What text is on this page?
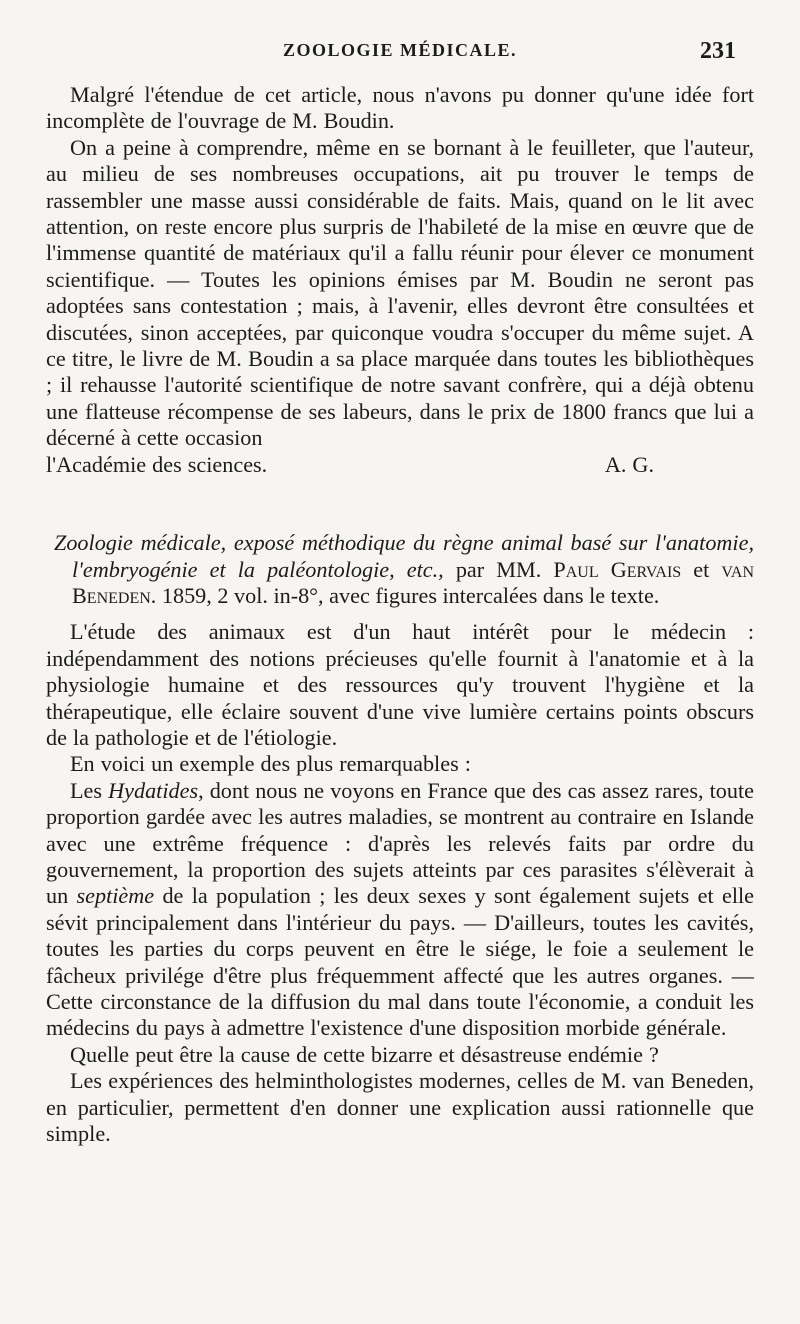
ZOOLOGIE MÉDICALE.	231

Malgré l'étendue de cet article, nous n'avons pu donner qu'une idée fort incomplète de l'ouvrage de M. Boudin.

On a peine à comprendre, même en se bornant à le feuilleter, que l'auteur, au milieu de ses nombreuses occupations, ait pu trouver le temps de rassembler une masse aussi considérable de faits. Mais, quand on le lit avec attention, on reste encore plus surpris de l'habileté de la mise en œuvre que de l'immense quantité de matériaux qu'il a fallu réunir pour élever ce monument scientifique. — Toutes les opinions émises par M. Boudin ne seront pas adoptées sans contestation ; mais, à l'avenir, elles devront être consultées et discutées, sinon acceptées, par quiconque voudra s'occuper du même sujet. A ce titre, le livre de M. Boudin a sa place marquée dans toutes les bibliothèques ; il rehausse l'autorité scientifique de notre savant confrère, qui a déjà obtenu une flatteuse récompense de ses labeurs, dans le prix de 1800 francs que lui a décerné à cette occasion

l'Académie des sciences.	A. G.

Zoologie médicale, exposé méthodique du règne animal basé sur l'anatomie, l'embryogénie et la paléontologie, etc., par MM. Paul Gervais et van Beneden. 1859, 2 vol. in-8°, avec figures intercalées dans le texte.

L'étude des animaux est d'un haut intérêt pour le médecin : indépendamment des notions précieuses qu'elle fournit à l'anatomie et à la physiologie humaine et des ressources qu'y trouvent l'hygiène et la thérapeutique, elle éclaire souvent d'une vive lumière certains points obscurs de la pathologie et de l'étiologie.

En voici un exemple des plus remarquables :

Les Hydatides, dont nous ne voyons en France que des cas assez rares, toute proportion gardée avec les autres maladies, se montrent au contraire en Islande avec une extrême fréquence : d'après les relevés faits par ordre du gouvernement, la proportion des sujets atteints par ces parasites s'élèverait à un septième de la population ; les deux sexes y sont également sujets et elle sévit principalement dans l'intérieur du pays. — D'ailleurs, toutes les cavités, toutes les parties du corps peuvent en être le siége, le foie a seulement le fâcheux privilége d'être plus fréquemment affecté que les autres organes. — Cette circonstance de la diffusion du mal dans toute l'économie, a conduit les médecins du pays à admettre l'existence d'une disposition morbide générale.

Quelle peut être la cause de cette bizarre et désastreuse endémie ?

Les expériences des helminthologistes modernes, celles de M. van Beneden, en particulier, permettent d'en donner une explication aussi rationnelle que simple.
